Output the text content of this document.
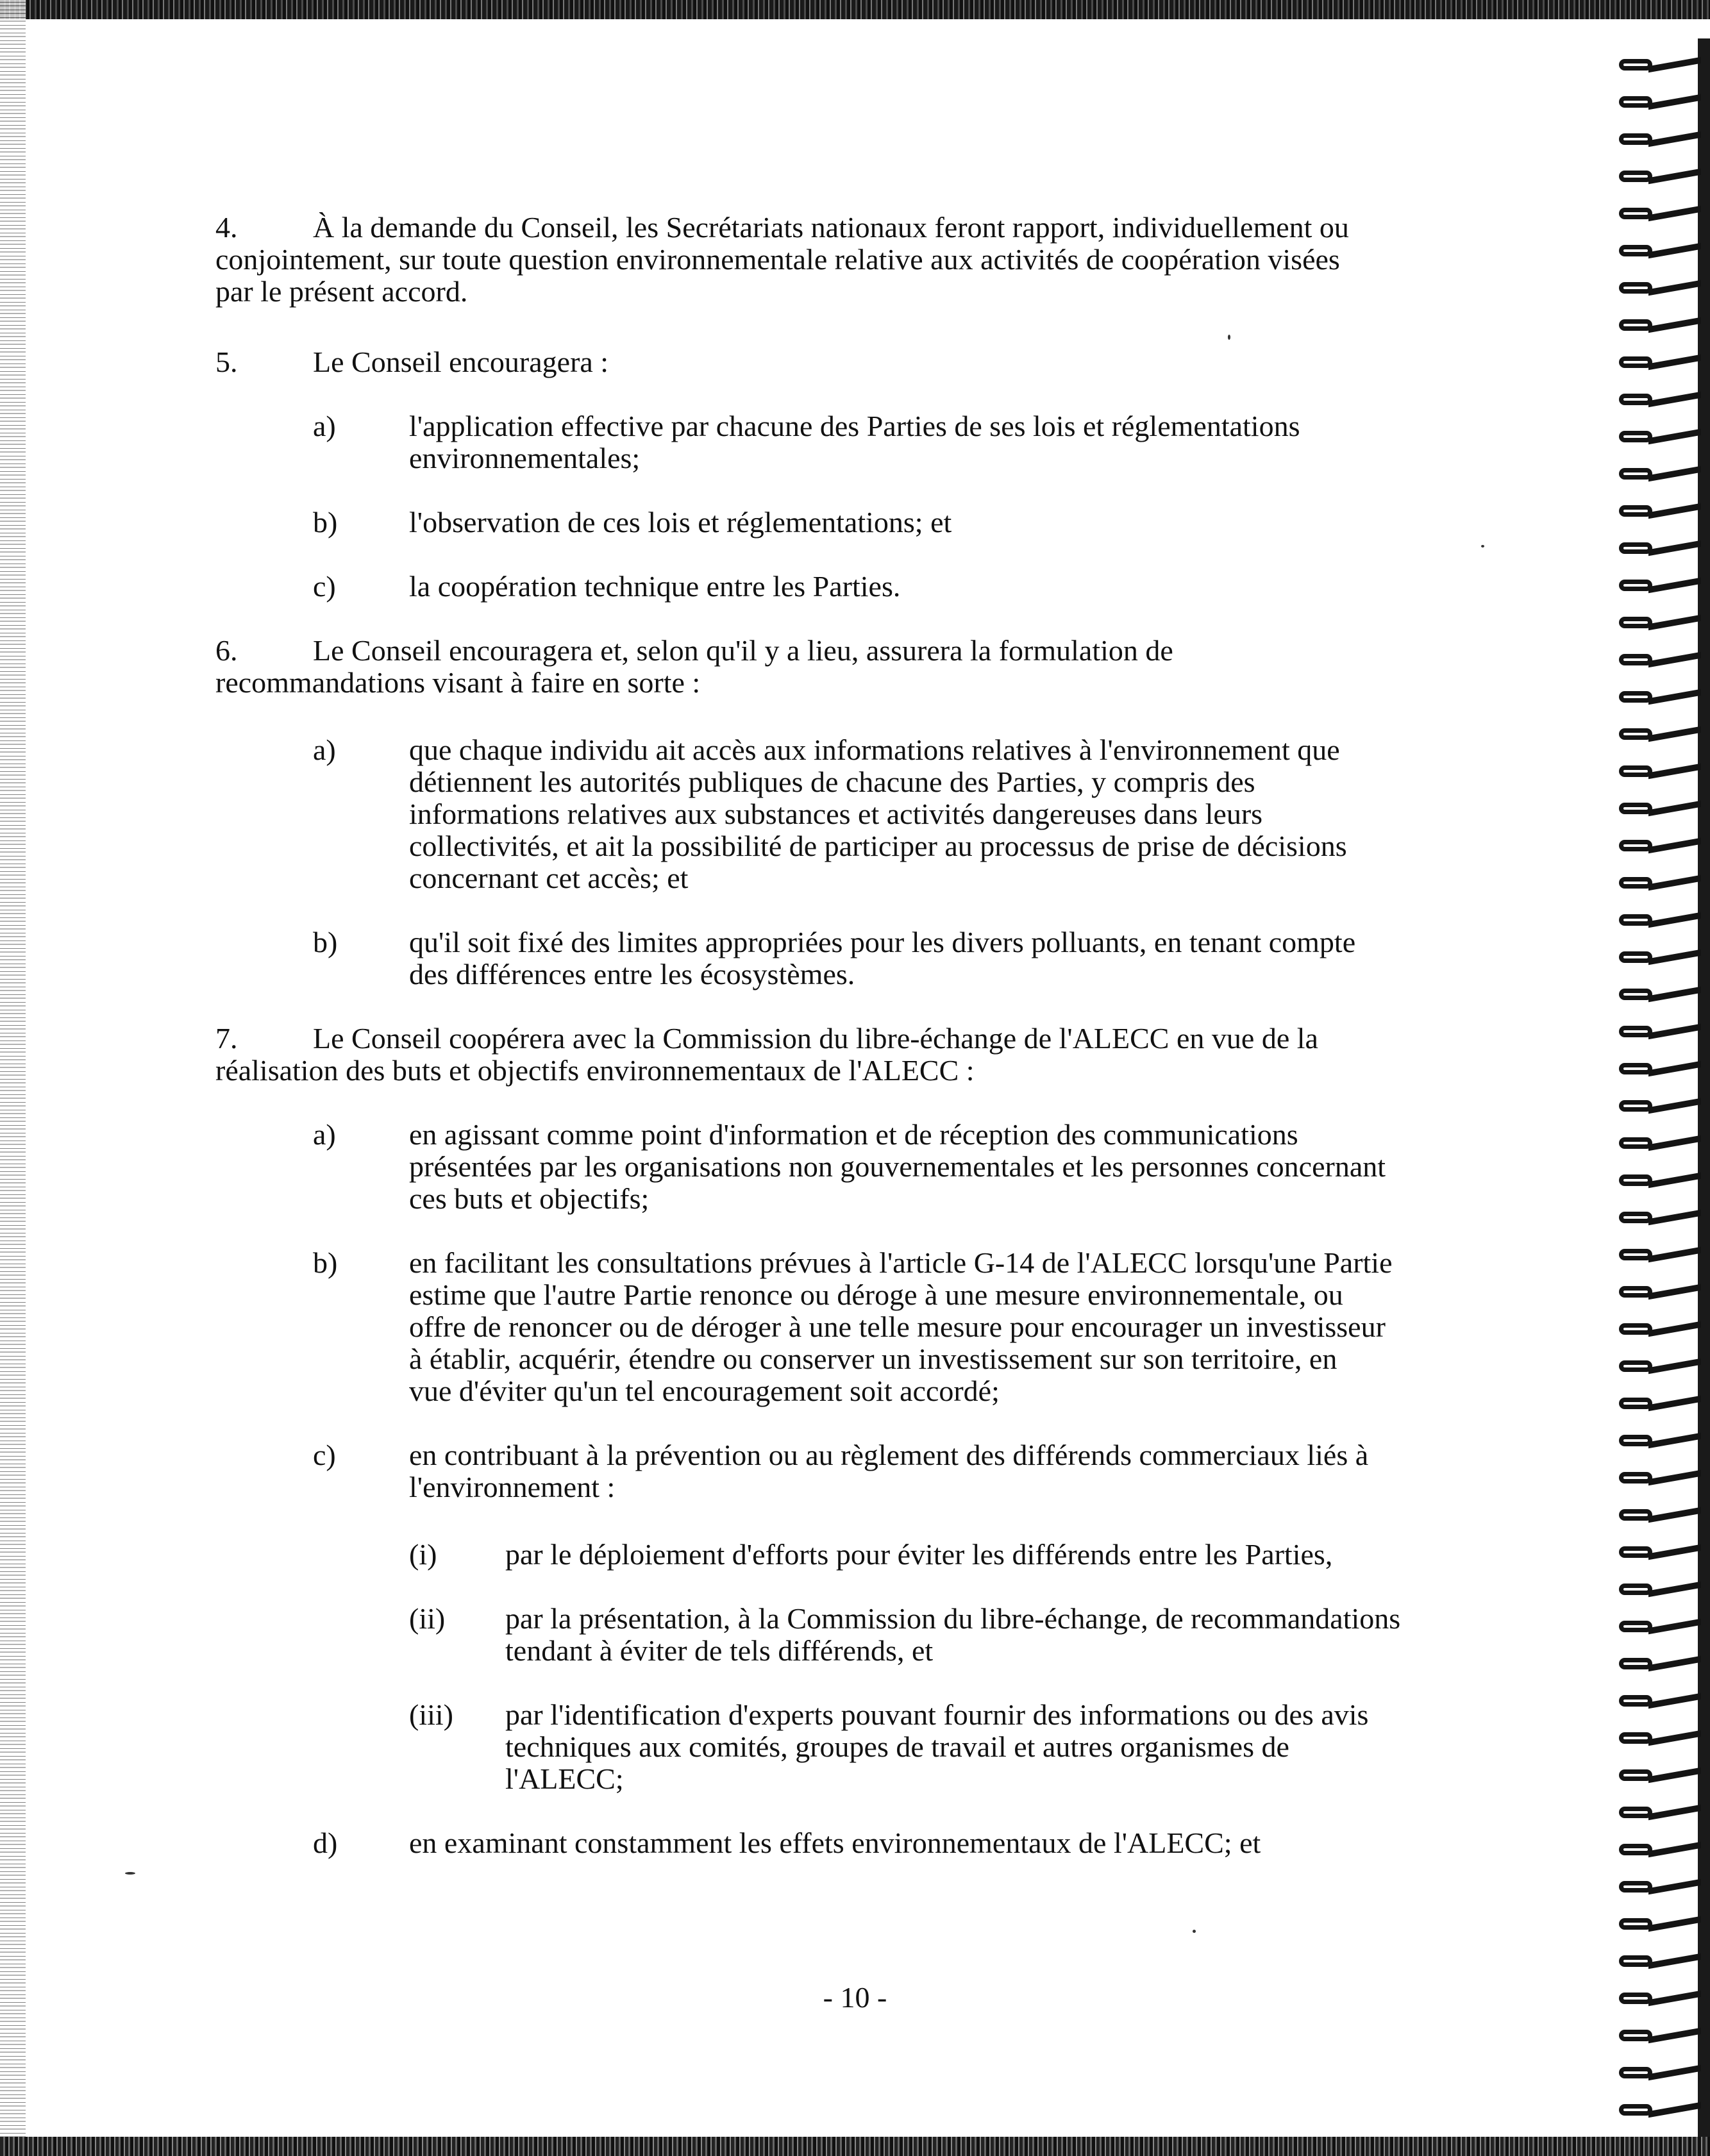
4.	À la demande du Conseil, les Secrétariats nationaux feront rapport, individuellement ou

conjointement, sur toute question environnementale relative aux activités de coopération visées

par le présent accord.

5.	Le Conseil encouragera :

a) l'application effective par chacune des Parties de ses lois et réglementations

environnementales;

b) l'observation de ces lois et réglementations; et

c) la coopération technique entre les Parties.

6.	Le Conseil encouragera et, selon qu'il y a lieu, assurera la formulation de

recommandations visant à faire en sorte :

a) que chaque individu ait accès aux informations relatives à l'environnement que

détiennent les autorités publiques de chacune des Parties, y compris des

informations relatives aux substances et activités dangereuses dans leurs

collectivités, et ait la possibilité de participer au processus de prise de décisions

concernant cet accès; et

b) qu'il soit fixé des limites appropriées pour les divers polluants, en tenant compte

des différences entre les écosystèmes.

7.	Le Conseil coopérera avec la Commission du libre-échange de l'ALECC en vue de la

réalisation des buts et objectifs environnementaux de l'ALECC :

a) en agissant comme point d'information et de réception des communications

présentées par les organisations non gouvernementales et les personnes concernant

ces buts et objectifs;

b) en facilitant les consultations prévues à l'article G-14 de l'ALECC lorsqu'une Partie

estime que l'autre Partie renonce ou déroge à une mesure environnementale, ou

offre de renoncer ou de déroger à une telle mesure pour encourager un investisseur

à établir, acquérir, étendre ou conserver un investissement sur son territoire, en

vue d'éviter qu'un tel encouragement soit accordé;

c) en contribuant à la prévention ou au règlement des différends commerciaux liés à

l'environnement :

(i) par le déploiement d'efforts pour éviter les différends entre les Parties,

(ii) par la présentation, à la Commission du libre-échange, de recommandations

tendant à éviter de tels différends, et

(iii) par l'identification d'experts pouvant fournir des informations ou des avis

techniques aux comités, groupes de travail et autres organismes de

l'ALECC;

d) en examinant constamment les effets environnementaux de l'ALECC; et

- 10 -
